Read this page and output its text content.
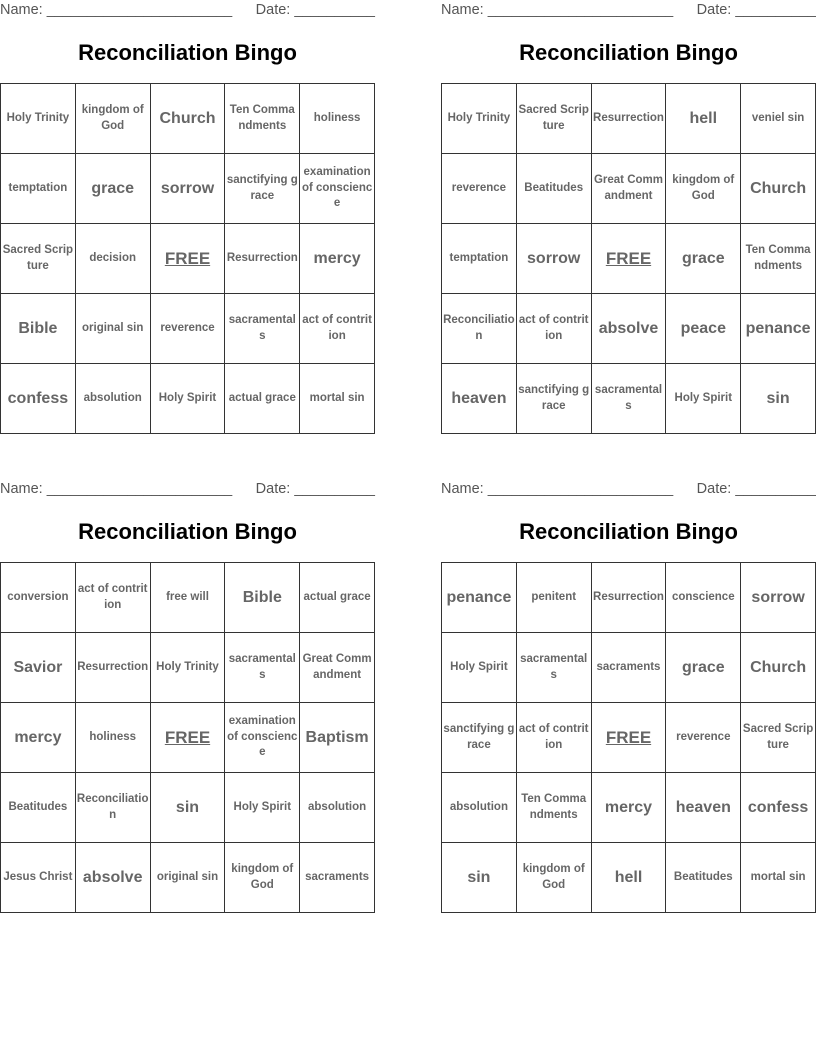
Name: _______________________ Date: __________
Reconciliation Bingo
Holy Trinity	kingdom of God	Church	Ten Commandments	holiness
temptation	grace	sorrow	sanctifying grace	examination of conscience
Sacred Scripture	decision	FREE	Resurrection	mercy
Bible	original sin	reverence	sacramentals	act of contrition
confess	absolution	Holy Spirit	actual grace	mortal sin
Name: _______________________ Date: __________
Reconciliation Bingo
Holy Trinity	Sacred Scripture	Resurrection	hell	veniel sin
reverence	Beatitudes	Great Commandment	kingdom of God	Church
temptation	sorrow	FREE	grace	Ten Commandments
Reconciliation	act of contrition	absolve	peace	penance
heaven	sanctifying grace	sacramentals	Holy Spirit	sin
Name: _______________________ Date: __________
Reconciliation Bingo
conversion	act of contrition	free will	Bible	actual grace
Savior	Resurrection	Holy Trinity	sacramentals	Great Commandment
mercy	holiness	FREE	examination of conscience	Baptism
Beatitudes	Reconciliation	sin	Holy Spirit	absolution
Jesus Christ	absolve	original sin	kingdom of God	sacraments
Name: _______________________ Date: __________
Reconciliation Bingo
penance	penitent	Resurrection	conscience	sorrow
Holy Spirit	sacramentals	sacraments	grace	Church
sanctifying grace	act of contrition	FREE	reverence	Sacred Scripture
absolution	Ten Commandments	mercy	heaven	confess
sin	kingdom of God	hell	Beatitudes	mortal sin
